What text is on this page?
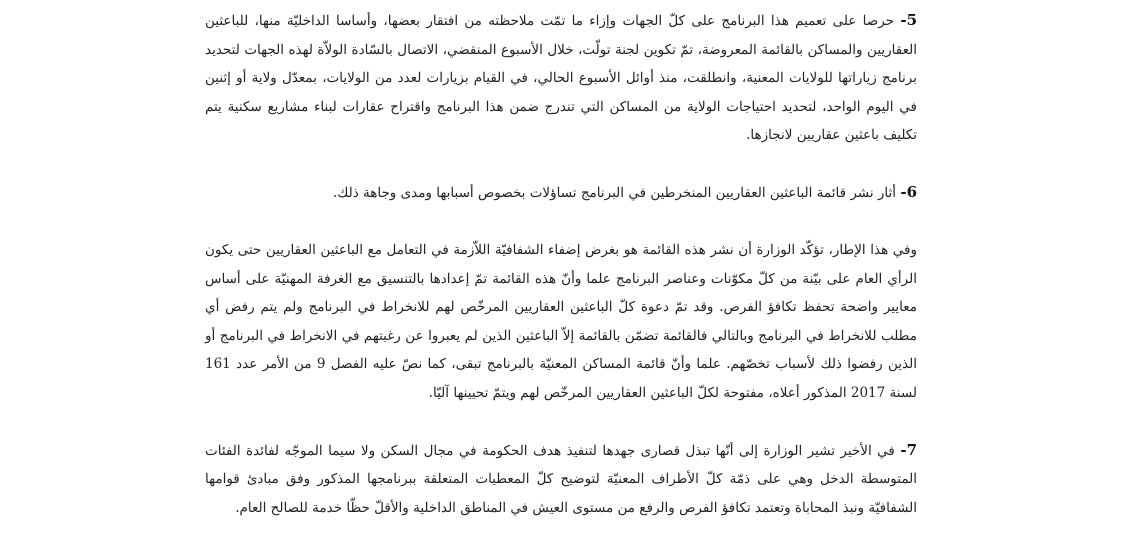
5- حرصا على تعميم هذا البرنامج على كلّ الجهات وإزاء ما تمّت ملاحظته من افتقار بعضها، وأساسا الداخليّة منها، للباعثين العقاريين والمساكن بالقائمة المعروضة، تمّ تكوين لجنة تولّت، خلال الأسبوع المنقضي، الاتصال بالسّادة الولاّة لهذه الجهات لتحديد برنامج زياراتها للولايات المعنية، وانطلقت، منذ أوائل الأسبوع الحالي، في القيام بزيارات لعدد من الولايات، بمعدّل ولاية أو إثنين في اليوم الواحد، لتحديد احتياجات الولاية من المساكن التي تندرج ضمن هذا البرنامج واقتراح عقارات لبناء مشاريع سكنية يتم تكليف باعثين عقاريين لانجازها.

6- أثار نشر قائمة الباعثين العقاريين المنخرطين في البرنامج تساؤلات بخصوص أسبابها ومدى وجاهة ذلك.

وفي هذا الإطار، تؤكّد الوزارة أن نشر هذه القائمة هو بغرض إضفاء الشفافيّة اللاّزمة في التعامل مع الباعثين العقاريين حتى يكون الرأي العام على بيّنة من كلّ مكوّنات وعناصر البرنامج علما وأنّ هذه القائمة تمّ إعدادها بالتنسيق مع الغرفة المهنيّة على أساس معايير واضحة تحفظ تكافؤ الفرص. وقد تمّ دعوة كلّ الباعثين العقاريين المرخّص لهم للانخراط في البرنامج ولم يتم رفض أي مطلب للانخراط في البرنامج وبالتالي فالقائمة تضمّن بالقائمة إلاّ الباعثين الذين لم يعبروا عن رغبتهم في الانخراط في البرنامج أو الذين رفضوا ذلك لأسباب تخصّهم. علما وأنّ قائمة المساكن المعنيّة بالبرنامج تبقى، كما نصّ عليه الفصل 9 من الأمر عدد 161 لسنة 2017 المذكور أعلاه، مفتوحة لكلّ الباعثين العقاريين المرخّص لهم ويتمّ تحيينها آليّا.

7- في الأخير تشير الوزارة إلى أنّها تبذل قصارى جهدها لتنفيذ هدف الحكومة في مجال السكن ولا سيما الموجّه لفائدة الفئات المتوسطة الدخل وهي على ذمّة كلّ الأطراف المعنيّة لتوضيح كلّ المعطيات المتعلقة ببرنامجها المذكور وفق مبادئ قوامها الشفافيّة ونبذ المحاباة وتعتمد تكافؤ الفرص والرفع من مستوى العيش في المناطق الداخلية والأقلّ حظّا خدمة للصالح العام.
